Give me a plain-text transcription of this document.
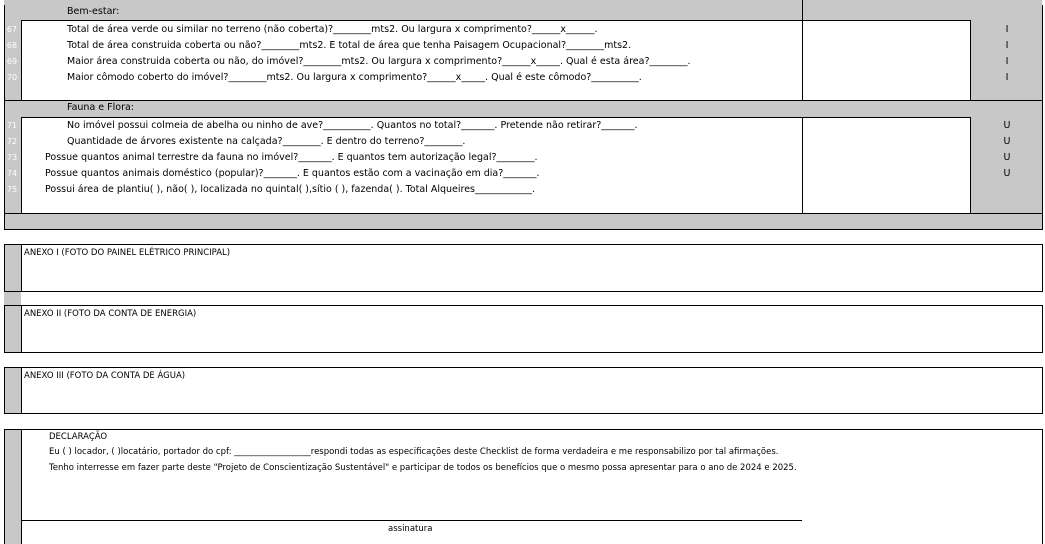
Bem-estar:
67	Total de área verde ou similar no terreno (não coberta)?________mts2. Ou largura x comprimento?______x______.	I
68	Total de área construida coberta ou não?________mts2. E total de área que tenha Paisagem Ocupacional?________mts2.	I
69	Maior área construida coberta ou não, do imóvel?________mts2. Ou largura x comprimento?______x_____. Qual é esta área?________.	I
70	Maior cômodo coberto do imóvel?________mts2. Ou largura x comprimento?______x_____. Qual é este cômodo?__________.	I
Fauna e Flora:
71	No imóvel possui colmeia de abelha ou ninho de ave?__________. Quantos no total?_______. Pretende não retirar?_______.	U
72	Quantidade de árvores existente na calçada?________. E dentro do terreno?________.	U
73	Possue quantos animal terrestre da fauna no imóvel?_______. E quantos tem autorização legal?________.	U
74	Possue quantos animais doméstico (popular)?_______. E quantos estão com a vacinação em dia?_______.	U
75	Possui área de plantiu( ), não( ), localizada no quintal( ),sítio ( ), fazenda( ). Total Alqueires____________.
ANEXO I (FOTO DO PAINEL ELÉTRICO PRINCIPAL)
ANEXO II (FOTO DA CONTA DE ENERGIA)
ANEXO III (FOTO DA CONTA DE ÁGUA)
DECLARAÇÃO
Eu ( ) locador, ( )locatário, portador do cpf: __________________respondi todas as especificações deste Checklist de forma verdadeira e me responsabilizo por tal afirmações.
Tenho interresse em fazer parte deste "Projeto de Conscientização Sustentável" e participar de todos os benefícios que o mesmo possa apresentar para o ano de 2024 e 2025.
assinatura
